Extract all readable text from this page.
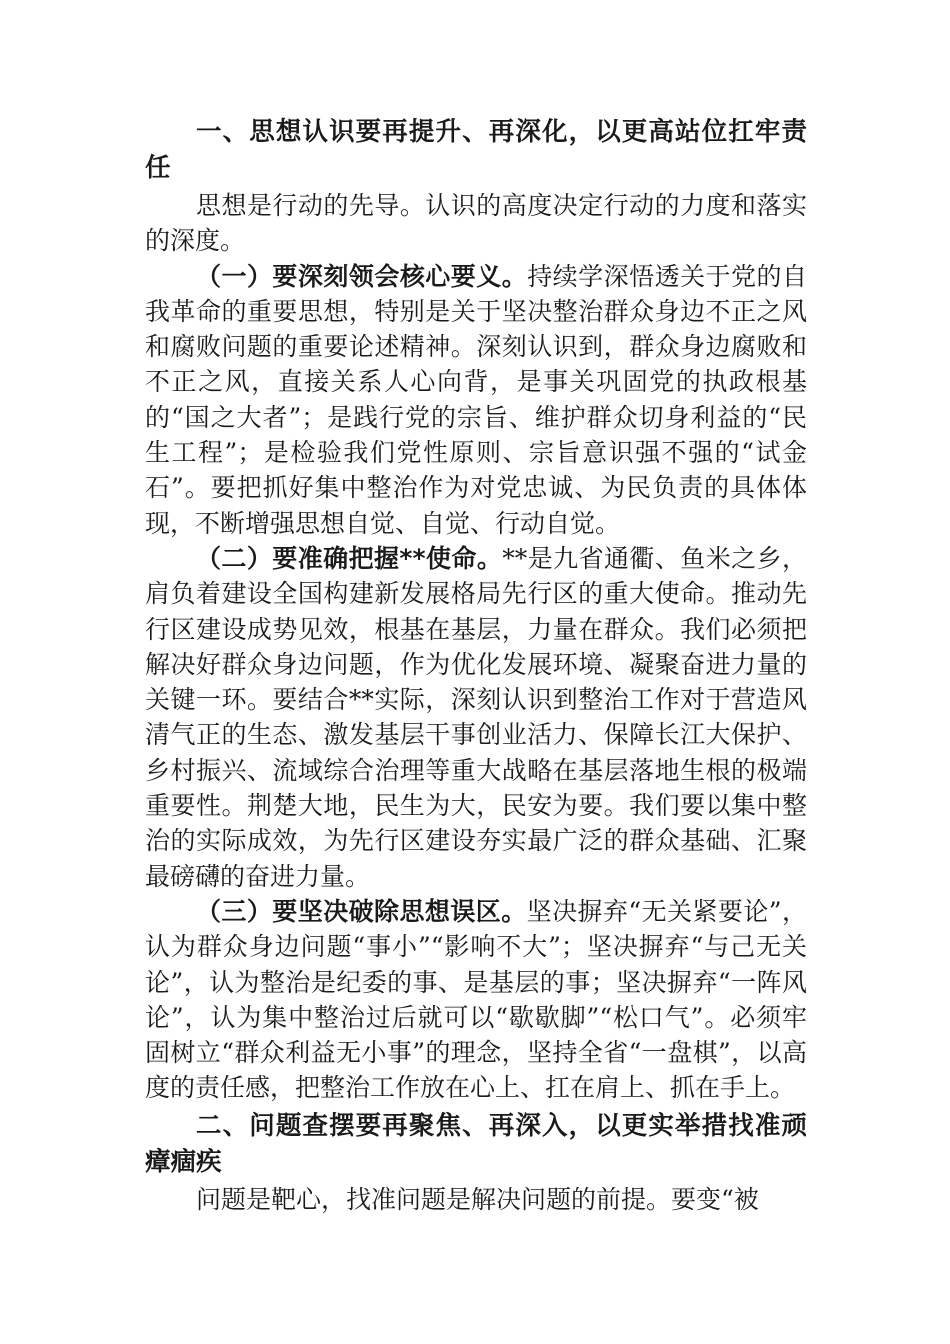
一、思想认识要再提升、再深化，以更高站位扛牢责任

思想是行动的先导。认识的高度决定行动的力度和落实的深度。

（一）要深刻领会核心要义。持续学深悟透关于党的自我革命的重要思想，特别是关于坚决整治群众身边不正之风和腐败问题的重要论述精神。深刻认识到，群众身边腐败和不正之风，直接关系人心向背，是事关巩固党的执政根基的“国之大者”；是践行党的宗旨、维护群众切身利益的“民生工程”；是检验我们党性原则、宗旨意识强不强的“试金石”。要把抓好集中整治作为对党忠诚、为民负责的具体体现，不断增强思想自觉、自觉、行动自觉。

（二）要准确把握**使命。**是九省通衢、鱼米之乡，肩负着建设全国构建新发展格局先行区的重大使命。推动先行区建设成势见效，根基在基层，力量在群众。我们必须把解决好群众身边问题，作为优化发展环境、凝聚奋进力量的关键一环。要结合**实际，深刻认识到整治工作对于营造风清气正的生态、激发基层干事创业活力、保障长江大保护、乡村振兴、流域综合治理等重大战略在基层落地生根的极端重要性。荆楚大地，民生为大，民安为要。我们要以集中整治的实际成效，为先行区建设夯实最广泛的群众基础、汇聚最磅礴的奋进力量。

（三）要坚决破除思想误区。坚决摒弃“无关紧要论”，认为群众身边问题“事小”“影响不大”；坚决摒弃“与己无关论”，认为整治是纪委的事、是基层的事；坚决摒弃“一阵风论”，认为集中整治过后就可以“歇歇脚”“松口气”。必须牢固树立“群众利益无小事”的理念，坚持全省“一盘棋”，以高度的责任感，把整治工作放在心上、扛在肩上、抓在手上。

二、问题查摆要再聚焦、再深入，以更实举措找准顽瘴痼疾

问题是靶心，找准问题是解决问题的前提。要变“被
